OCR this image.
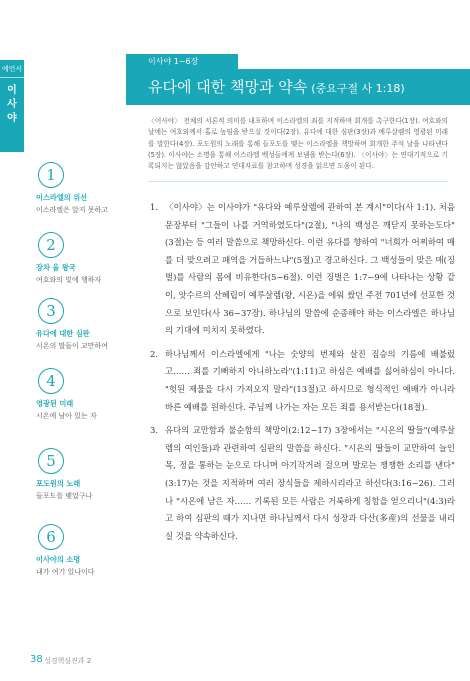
예언서
이사야
1
이스라엘의 위선
이스라엘은 앞지 못하고
2
장차 올 왕국
여호와의 빛에 행하자
3
유다에 대한 심판
시온의 딸들이 교만하여
4
영광된 미래
시온에 남아 있는 자
5
포도원의 노래
들포도를 맺었구나
6
이사야의 소명
내가 여기 있나이다
이사야 1~6장
유다에 대한 책망과 약속 (중요구절 사 1:18)

〈이사야〉 전체의 서론적 의미를 내포하며 이스라엘의 죄를 지적하며 회개를 촉구한다(1장). 여호와의 날에는 여호와께서 홀로 높임을 받으실 것이다(2장). 유다에 대한 심판(3장)과 예루살렘의 영광된 미래를 말한다(4장). 포도원의 노래를 통해 들포도를 맺는 이스라엘을 책망하며 회개한 주석 날을 나타낸다(5장). 이사야는 소명을 통해 이스라엘 백성들에게 보냄을 받는다(6장). 〈이사야〉는 연대기적으로 기록되지는 않았음을 감안하고 연대자료를 참고하며 성경을 읽으면 도움이 된다.

1. 〈이사야〉는 이사야가 "유다와 예루살렘에 관하여 본 계시"이다(사 1:1). 처음 문장부터 "그들이 나를 거역하였도다"(2절), "나의 백성은 깨닫지 못하는도다"(3절)는 등 여러 말씀으로 책망하신다. 이런 유다를 향하여 "너희가 어찌하여 매를 더 맞으려고 패역을 거듭하느냐"(5절)고 경고하신다. 그 백성들이 맞은 매(징벌)를 사람의 몸에 비유한다(5~6절). 이런 징벌은 1:7~9에 나타나는 상황 같이, 앗수르의 산헤립이 예루살렘(왕, 시온)을 에워 쌌던 주전 701년에 선포한 것으로 보인다(사 36~37장). 하나님의 말씀에 순종해야 하는 이스라엘은 하나님의 기대에 미치지 못하였다.

2. 하나님께서 이스라엘에게 "나는 숫양의 번제와 살진 짐승의 기름에 배불렀고…… 죄를 기뻐하지 아니하노라"(1:11)고 하심은 예배를 싫어하심이 아니다. "헛된 제물을 다시 가져오지 말라"(13절)고 하시므로 형식적인 예배가 아니라 바른 예배를 원하신다. 주님께 나가는 자는 모든 죄를 용서받는다(18절).

3. 유다의 교만함과 불순함의 책망이(2:12~17) 3장에서는 "시온의 딸들"(예루살렘의 여인들)과 관련하여 심판의 말씀을 하신다. "시온의 딸들이 교만하여 늘인 목, 정을 통하는 눈으로 다니며 아기작거려 걸으며 발로는 쟁쟁한 소리를 낸다"(3:17)는 것을 지적하며 여러 장식들을 제하시리라고 하신다(3:16~26). 그러나 "시온에 남은 자…… 기록된 모든 사람은 거룩하게 칭함을 얻으리니"(4:3)라고 하여 심판의 때가 지나면 하나님께서 다시 성장과 다산(多産)의 선물을 내리실 것을 약속하신다.

38 성경핵심진과 2
